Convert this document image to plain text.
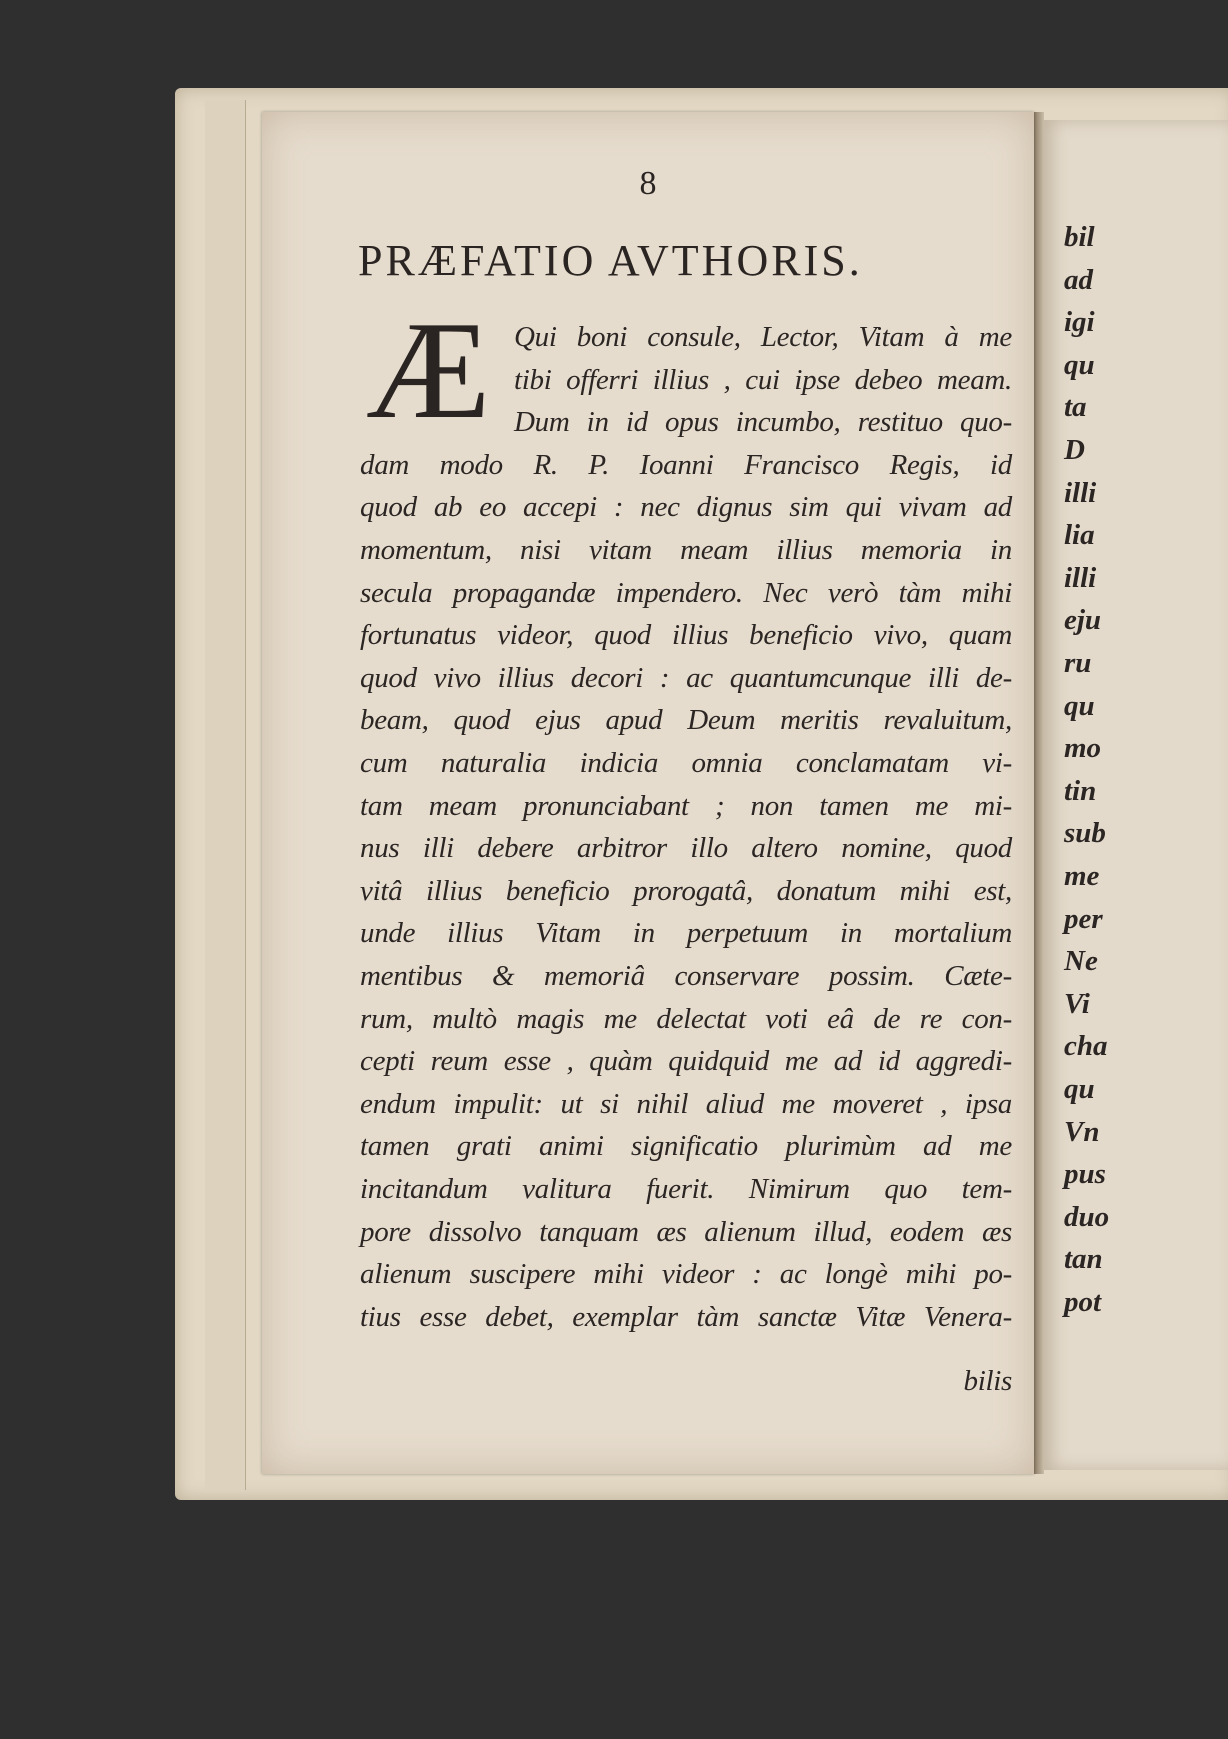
8
PRÆFATIO AVTHORIS.
Æ Qui boni consule, Lector, Vitam à me
tibi offerri illius , cui ipse debeo meam.
Dum in id opus incumbo, restituo quo-
dam modo R. P. Ioanni Francisco Regis, id
quod ab eo accepi : nec dignus sim qui vivam ad
momentum, nisi vitam meam illius memoria in
secula propagandæ impendero. Nec verò tàm mihi
fortunatus videor, quod illius beneficio vivo, quam
quod vivo illius decori : ac quantumcunque illi de-
beam, quod ejus apud Deum meritis revaluitum,
cum naturalia indicia omnia conclamatam vi-
tam meam pronunciabant ; non tamen me mi-
nus illi debere arbitror illo altero nomine, quod
vitâ illius beneficio prorogatâ, donatum mihi est,
unde illius Vitam in perpetuum in mortalium
mentibus & memoriâ conservare possim. Cæte-
rum, multò magis me delectat voti eâ de re con-
cepti reum esse , quàm quidquid me ad id aggredi-
endum impulit: ut si nihil aliud me moveret , ipsa
tamen grati animi significatio plurimùm ad me
incitandum valitura fuerit. Nimirum quo tem-
pore dissolvo tanquam æs alienum illud, eodem æs
alienum suscipere mihi videor : ac longè mihi po-
tius esse debet, exemplar tàm sanctæ Vitæ Venera-
bilis
bil
ad
igi
qu
ta
D
illi
lia
illi
eju
ru
qu
mo
tin
sub
me
per
Ne
Vi
cha
qu
Vn
pus
duo
tan
pot
